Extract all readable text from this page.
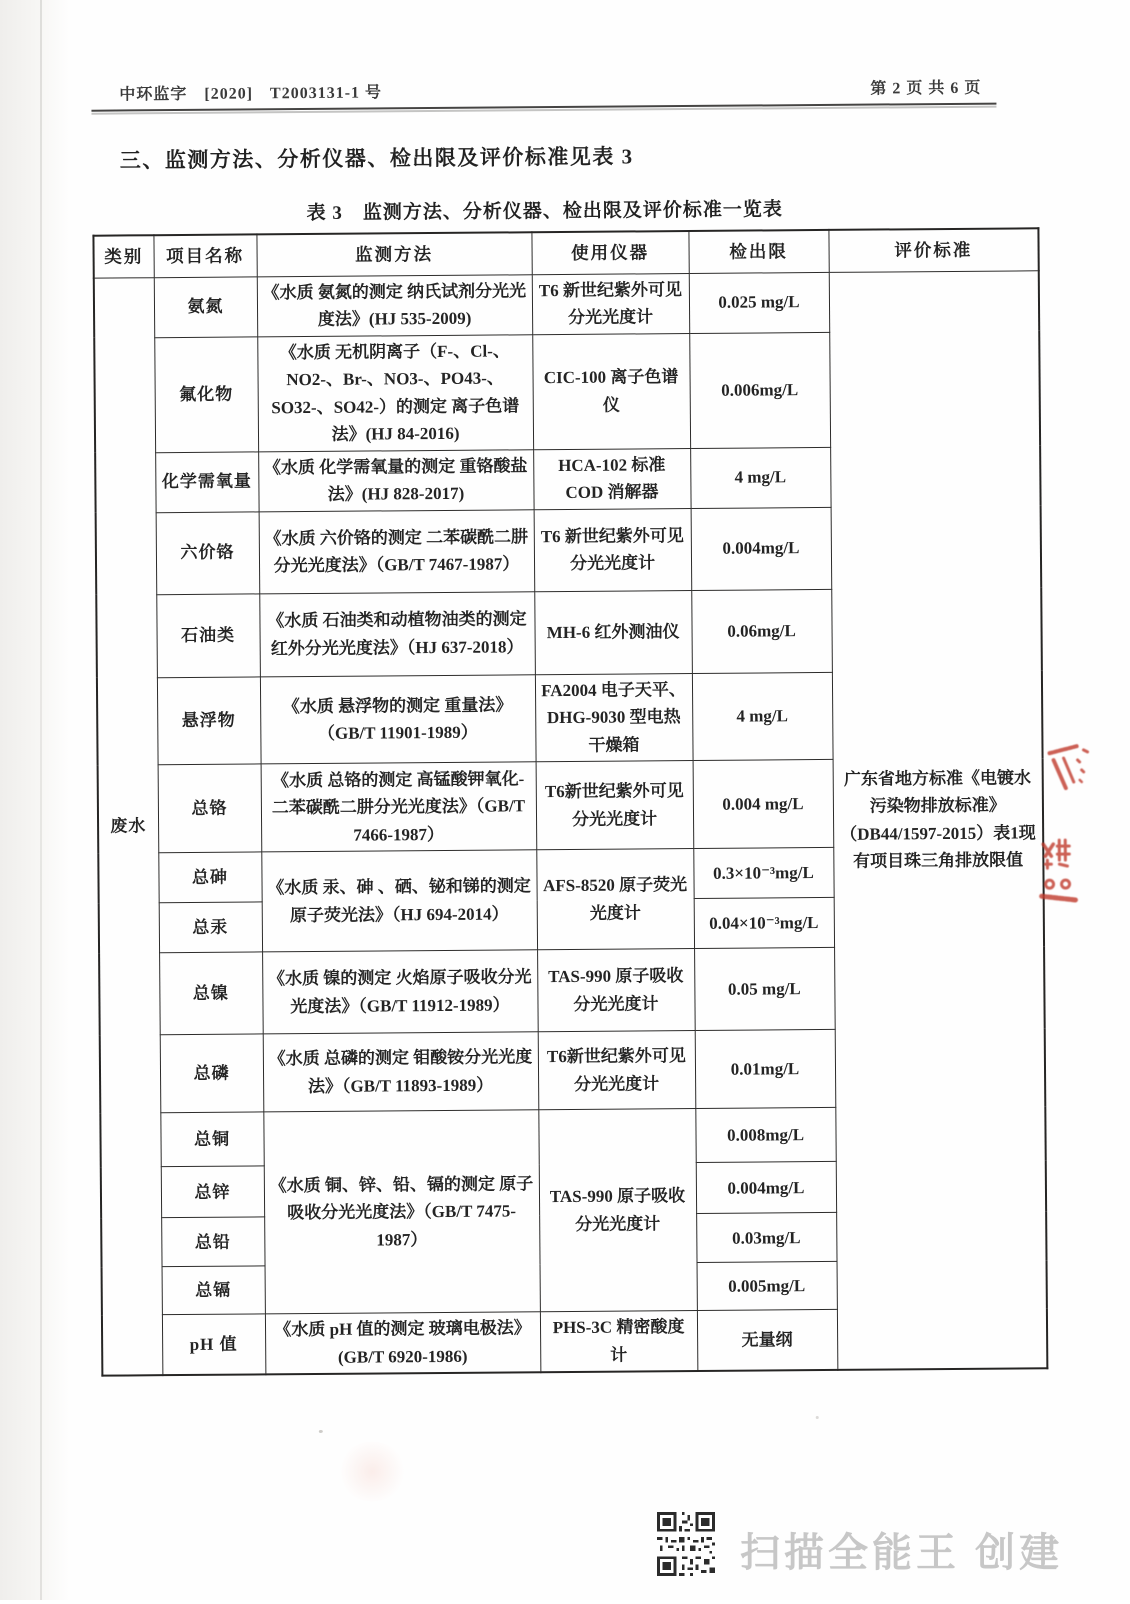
中环监字　[2020]　T2003131-1 号	第 2 页 共 6 页
三、监测方法、分析仪器、检出限及评价标准见表 3
表 3　监测方法、分析仪器、检出限及评价标准一览表
类别	项目名称	监测方法	使用仪器	检出限	评价标准
废水	氨氮	《水质 氨氮的测定 纳氏试剂分光光度法》(HJ 535-2009)	T6 新世纪紫外可见分光光度计	0.025 mg/L	广东省地方标准《电镀水污染物排放标准》（DB44/1597-2015）表1现有项目珠三角排放限值
	氟化物	《水质 无机阴离子（F-、Cl-、NO2-、Br-、NO3-、PO43-、SO32-、SO42-）的测定 离子色谱法》(HJ 84-2016)	CIC-100 离子色谱仪	0.006mg/L	
	化学需氧量	《水质 化学需氧量的测定 重铬酸盐法》(HJ 828-2017)	HCA-102 标准 COD 消解器	4 mg/L	
	六价铬	《水质 六价铬的测定 二苯碳酰二肼分光光度法》（GB/T 7467-1987）	T6 新世纪紫外可见分光光度计	0.004mg/L	
	石油类	《水质 石油类和动植物油类的测定 红外分光光度法》（HJ 637-2018）	MH-6 红外测油仪	0.06mg/L	
	悬浮物	《水质 悬浮物的测定 重量法》（GB/T 11901-1989）	FA2004 电子天平、DHG-9030 型电热干燥箱	4 mg/L	
	总铬	《水质 总铬的测定 高锰酸钾氧化-二苯碳酰二肼分光光度法》（GB/T 7466-1987）	T6新世纪紫外可见分光光度计	0.004 mg/L	
	总砷	《水质 汞、砷 、硒、铋和锑的测定 原子荧光法》（HJ 694-2014）	AFS-8520 原子荧光光度计	0.3×10⁻³mg/L	
	总汞			0.04×10⁻³mg/L	
	总镍	《水质 镍的测定 火焰原子吸收分光光度法》（GB/T 11912-1989）	TAS-990 原子吸收分光光度计	0.05 mg/L	
	总磷	《水质 总磷的测定 钼酸铵分光光度法》（GB/T 11893-1989）	T6新世纪紫外可见分光光度计	0.01mg/L	
	总铜	《水质 铜、锌、铅、镉的测定 原子吸收分光光度法》（GB/T 7475-1987）	TAS-990 原子吸收分光光度计	0.008mg/L	
	总锌			0.004mg/L	
	总铅			0.03mg/L	
	总镉			0.005mg/L	
	pH 值	《水质 pH 值的测定 玻璃电极法》(GB/T 6920-1986)	PHS-3C 精密酸度计	无量纲	
扫描全能王 创建
